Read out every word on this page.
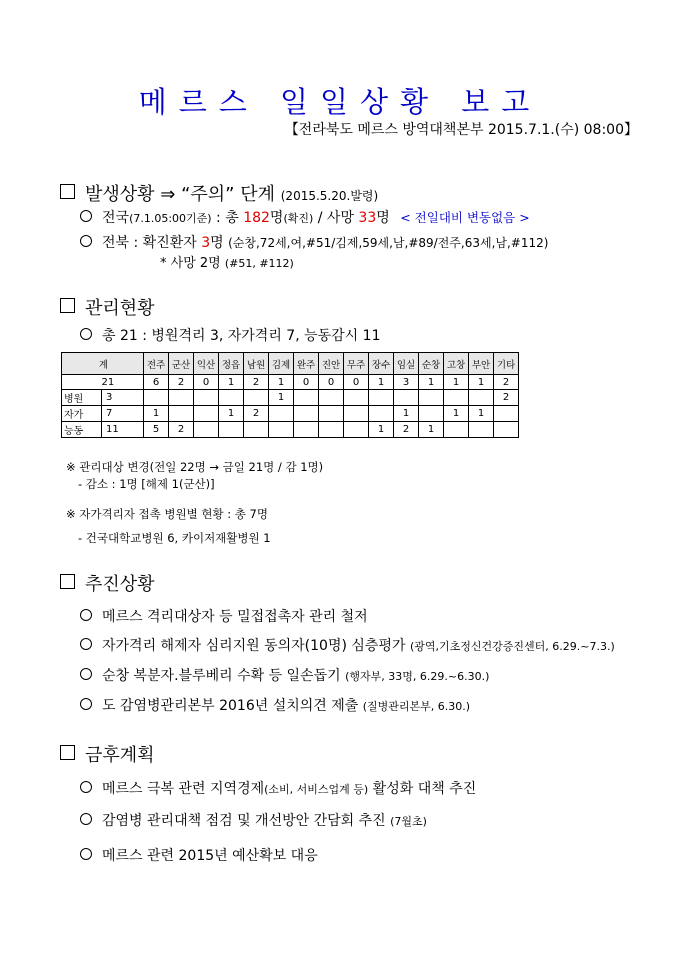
메르스 일일상황 보고
【전라북도 메르스 방역대책본부 2015.7.1.(수) 08:00】
발생상황 ⇒ “주의” 단계 (2015.5.20.발령)
전국(7.1.05:00기준) : 총 182명(확진) / 사망 33명 < 전일대비 변동없음 >
전북 : 확진환자 3명 (순창,72세,여,#51/김제,59세,남,#89/전주,63세,남,#112)
* 사망 2명 (#51, #112)
관리현황
총 21 : 병원격리 3, 자가격리 7, 능동감시 11
계		전주	군산	익산	정읍	남원	김제	완주	진안	무주	장수	임실	순창	고창	부안	기타
	21	6	2	0	1	2	1	0	0	0	1	3	1	1	1	2
병원	3						1									2
자가	7	1			1	2						1		1	1	
능동	11	5	2								1	2	1			
※ 관리대상 변경(전일 22명 → 금일 21명 / 감 1명)
- 감소 : 1명 [해제 1(군산)]
※ 자가격리자 접촉 병원별 현황 : 총 7명
- 건국대학교병원 6, 카이저재활병원 1
추진상황
메르스 격리대상자 등 밀접접촉자 관리 철저
자가격리 해제자 심리지원 동의자(10명) 심층평가 (광역,기초정신건강증진센터, 6.29.~7.3.)
순창 복분자.블루베리 수확 등 일손돕기 (행자부, 33명, 6.29.~6.30.)
도 감염병관리본부 2016년 설치의견 제출 (질병관리본부, 6.30.)
금후계획
메르스 극복 관련 지역경제(소비, 서비스업계 등) 활성화 대책 추진
감염병 관리대책 점검 및 개선방안 간담회 추진 (7월초)
메르스 관련 2015년 예산확보 대응
